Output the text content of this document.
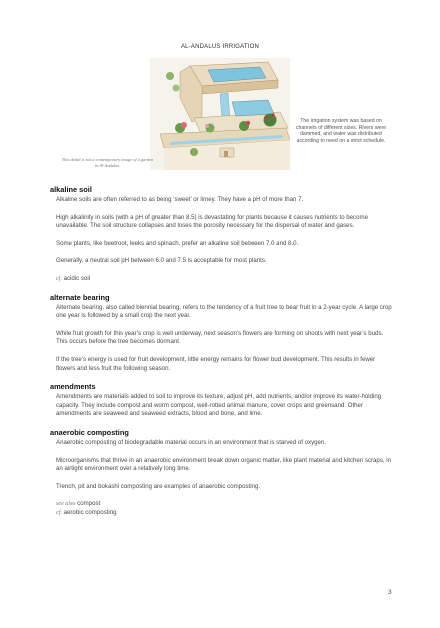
AL-ANDALUS IRRIGATION
The irrigation system was based on channels of different sizes. Rivers were dammed, and water was distributed according to need on a strict schedule.
This detail is not a contemporary image of a garden in Al-Andalus.
alkaline soil

Alkaline soils are often referred to as being ‘sweet’ or limey. They have a pH of more than 7.

High alkalinity in soils (with a pH of greater than 8.5) is devastating for plants because it causes nutrients to become unavailable. The soil structure collapses and loses the porosity necessary for the dispersal of water and gases.

Some plants, like beetroot, leeks and spinach, prefer an alkaline soil between 7.0 and 8.0.

Generally, a neutral soil pH between 6.0 and 7.5 is acceptable for most plants.

cf. acidic soil
alternate bearing

Alternate bearing, also called biennial bearing, refers to the tendency of a fruit tree to bear fruit in a 2-year cycle. A large crop one year is followed by a small crop the next year.

While fruit growth for this year’s crop is well underway, next season’s flowers are forming on shoots with next year’s buds. This occurs before the tree becomes dormant.

If the tree’s energy is used for fruit development, little energy remains for flower bud development. This results in fewer flowers and less fruit the following season.

amendments

Amendments are materials added to soil to improve its texture, adjust pH, add nutrients, and/or improve its water-holding capacity. They include compost and worm compost, well-rotted animal manure, cover crops and greensand. Other amendments are seaweed and seaweed extracts, blood and bone, and lime.

anaerobic composting

Anaerobic composting of biodegradable material occurs in an environment that is starved of oxygen.

Microorganisms that thrive in an anaerobic environment break down organic matter, like plant material and kitchen scraps, in an airtight environment over a relatively long time.

Trench, pit and bokashi composting are examples of anaerobic composting.

see also compost
cf. aerobic composting
3
